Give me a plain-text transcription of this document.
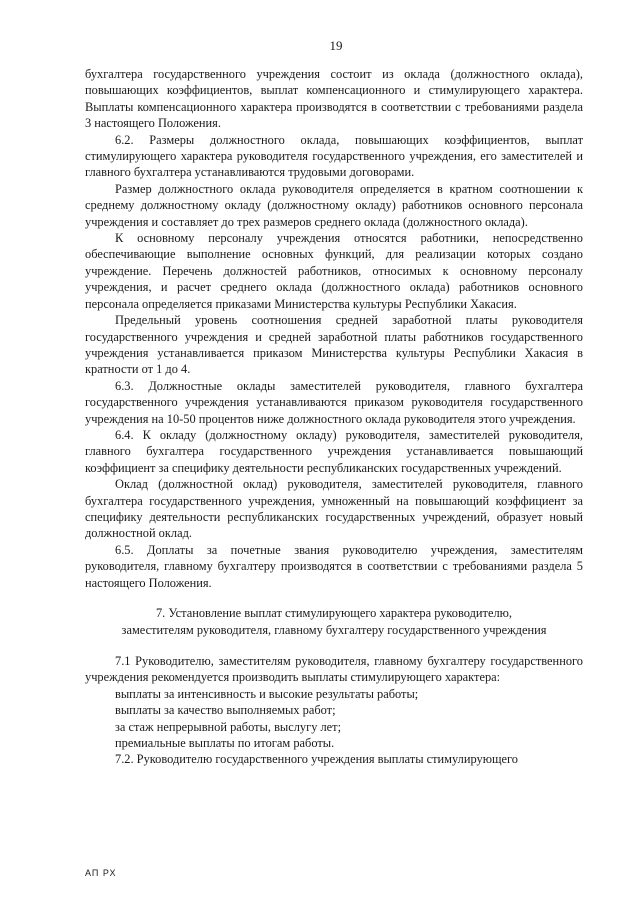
19

бухгалтера государственного учреждения состоит из оклада (должностного оклада), повышающих коэффициентов, выплат компенсационного и стимулирующего характера. Выплаты компенсационного характера производятся в соответствии с требованиями раздела 3 настоящего Положения.

6.2. Размеры должностного оклада, повышающих коэффициентов, выплат стимулирующего характера руководителя государственного учреждения, его заместителей и главного бухгалтера устанавливаются трудовыми договорами.

Размер должностного оклада руководителя определяется в кратном соотношении к среднему должностному окладу (должностному окладу) работников основного персонала учреждения и составляет до трех размеров среднего оклада (должностного оклада).

К основному персоналу учреждения относятся работники, непосредственно обеспечивающие выполнение основных функций, для реализации которых создано учреждение. Перечень должностей работников, относимых к основному персоналу учреждения, и расчет среднего оклада (должностного оклада) работников основного персонала определяется приказами Министерства культуры Республики Хакасия.

Предельный уровень соотношения средней заработной платы руководителя государственного учреждения и средней заработной платы работников государственного учреждения устанавливается приказом Министерства культуры Республики Хакасия в кратности от 1 до 4.

6.3. Должностные оклады заместителей руководителя, главного бухгалтера государственного учреждения устанавливаются приказом руководителя государственного учреждения на 10-50 процентов ниже должностного оклада руководителя этого учреждения.

6.4. К окладу (должностному окладу) руководителя, заместителей руководителя, главного бухгалтера государственного учреждения устанавливается повышающий коэффициент за специфику деятельности республиканских государственных учреждений.

Оклад (должностной оклад) руководителя, заместителей руководителя, главного бухгалтера государственного учреждения, умноженный на повышающий коэффициент за специфику деятельности республиканских государственных учреждений, образует новый должностной оклад.

6.5. Доплаты за почетные звания руководителю учреждения, заместителям руководителя, главному бухгалтеру производятся в соответствии с требованиями раздела 5 настоящего Положения.

7. Установление выплат стимулирующего характера руководителю,
заместителям руководителя, главному бухгалтеру государственного учреждения

7.1 Руководителю, заместителям руководителя, главному бухгалтеру государственного учреждения рекомендуется производить выплаты стимулирующего характера:

выплаты за интенсивность и высокие результаты работы;

выплаты за качество выполняемых работ;

за стаж непрерывной работы, выслугу лет;

премиальные выплаты по итогам работы.

7.2. Руководителю государственного учреждения выплаты стимулирующего

АП РХ
